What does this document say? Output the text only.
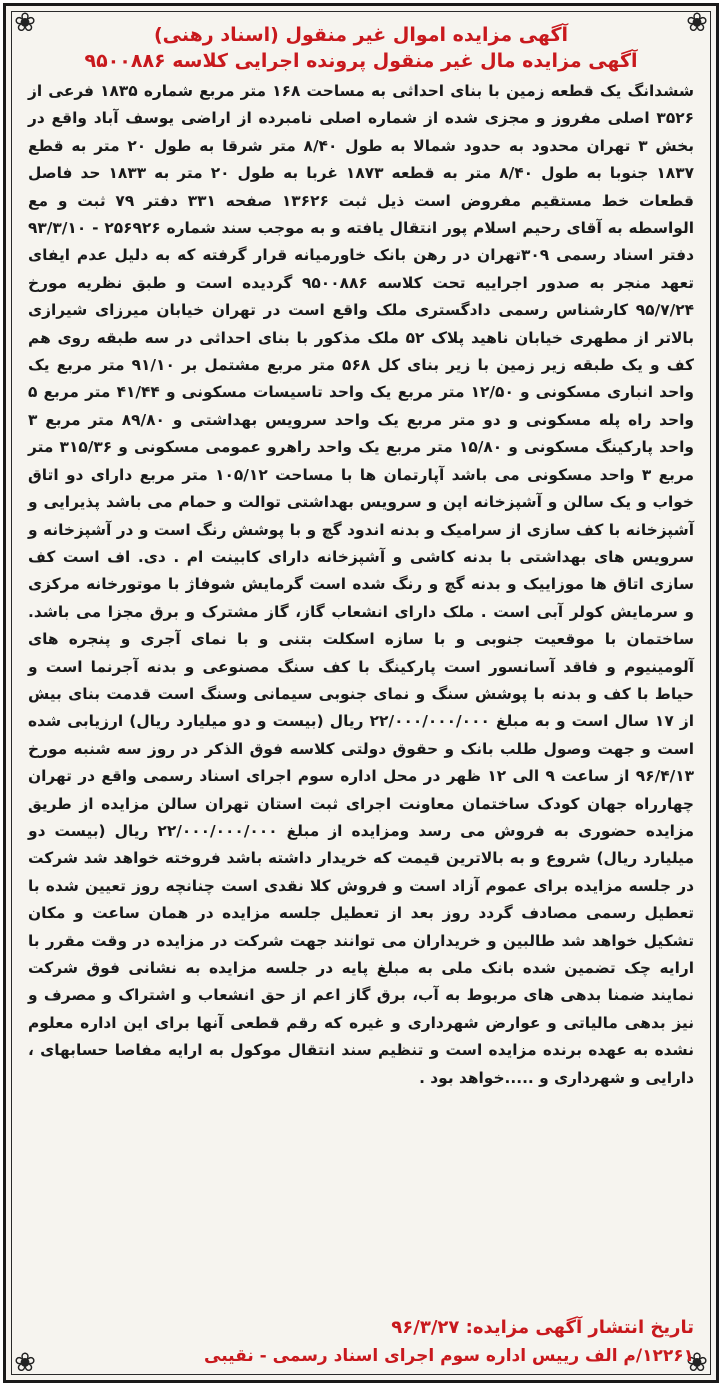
❀	❀
❀	❀

آگهی مزایده اموال غیر منقول (اسناد رهنی)

آگهی مزایده مال غیر منقول پرونده اجرایی کلاسه ۹۵۰۰۸۸۶

ششدانگ یک قطعه زمین با بنای احداثی به مساحت ۱۶۸ متر مربع شماره ۱۸۳۵ فرعی از ۳۵۲۶ اصلی مفروز و مجزی شده از شماره اصلی نامبرده از اراضی یوسف آباد واقع در بخش ۳ تهران محدود به حدود شمالا به طول ۸/۴۰ متر شرقا به طول ۲۰ متر به قطع ۱۸۳۷ جنوبا به طول ۸/۴۰ متر به قطعه ۱۸۷۳ غربا به طول ۲۰ متر به ۱۸۳۳ حد فاصل قطعات خط مستقیم مفروض است ذیل ثبت ۱۳۶۲۶ صفحه ۳۳۱ دفتر ۷۹ ثبت و مع الواسطه به آقای رحیم اسلام پور انتقال یافته و به موجب سند شماره ۲۵۶۹۲۶ - ۹۳/۳/۱۰ دفتر اسناد رسمی ۳۰۹تهران در رهن بانک خاورمیانه قرار گرفته که به دلیل عدم ایفای تعهد منجر به صدور اجراییه تحت کلاسه ۹۵۰۰۸۸۶ گردیده است و طبق نظریه مورخ ۹۵/۷/۲۴ کارشناس رسمی دادگستری ملک واقع است در تهران خیابان میرزای شیرازی بالاتر از مطهری خیابان ناهید پلاک ۵۲ ملک مذکور با بنای احداثی در سه طبقه روی هم کف و یک طبقه زیر زمین با زیر بنای کل ۵۶۸ متر مربع مشتمل بر ۹۱/۱۰ متر مربع یک واحد انباری مسکونی و ۱۲/۵۰ متر مربع یک واحد تاسیسات مسکونی و ۴۱/۴۴ متر مربع ۵ واحد راه پله مسکونی و دو متر مربع یک واحد سرویس بهداشتی و ۸۹/۸۰ متر مربع ۳ واحد پارکینگ مسکونی و ۱۵/۸۰ متر مربع یک واحد راهرو عمومی مسکونی و ۳۱۵/۳۶ متر مربع ۳ واحد مسکونی می باشد آپارتمان ها با مساحت ۱۰۵/۱۲ متر مربع دارای دو اتاق خواب و یک سالن و آشپزخانه اپن و سرویس بهداشتی توالت و حمام می باشد پذیرایی و آشپزخانه با کف سازی از سرامیک و بدنه اندود گچ و با پوشش رنگ است و در آشپزخانه و سرویس های بهداشتی با بدنه کاشی و آشپزخانه دارای کابینت ام . دی. اف است کف سازی اتاق ها موزاییک و بدنه گچ و رنگ شده است گرمایش شوفاژ با موتورخانه مرکزی و سرمایش کولر آبی است . ملک دارای انشعاب گاز، گاز مشترک و برق مجزا می باشد. ساختمان با موقعیت جنوبی و با سازه اسکلت بتنی و با نمای آجری و پنجره های آلومینیوم و فاقد آسانسور است پارکینگ با کف سنگ مصنوعی و بدنه آجرنما است و حیاط با کف و بدنه با پوشش سنگ و نمای جنوبی سیمانی وسنگ است قدمت بنای بیش از ۱۷ سال است و به مبلغ ۲۲/۰۰۰/۰۰۰/۰۰۰ ریال (بیست و دو میلیارد ریال) ارزیابی شده است و جهت وصول طلب بانک و حقوق دولتی کلاسه فوق الذکر در روز سه شنبه مورخ ۹۶/۴/۱۳ از ساعت ۹ الی ۱۲ ظهر در محل اداره سوم اجرای اسناد رسمی واقع در تهران چهارراه جهان کودک ساختمان معاونت اجرای ثبت استان تهران سالن مزایده از طریق مزایده حضوری به فروش می رسد ومزایده از مبلغ ۲۲/۰۰۰/۰۰۰/۰۰۰ ریال (بیست دو میلیارد ریال) شروع و به بالاترین قیمت که خریدار داشته باشد فروخته خواهد شد شرکت در جلسه مزایده برای عموم آزاد است و فروش کلا نقدی است چنانچه روز تعیین شده با تعطیل رسمی مصادف گردد روز بعد از تعطیل جلسه مزایده در همان ساعت و مکان تشکیل خواهد شد طالبین و خریداران می توانند جهت شرکت در مزایده در وقت مقرر با ارایه چک تضمین شده بانک ملی به مبلغ پایه در جلسه مزایده به نشانی فوق شرکت نمایند ضمنا بدهی های مربوط به آب، برق گاز اعم از حق انشعاب و اشتراک و مصرف و نیز بدهی مالیاتی و عوارض شهرداری و غیره که رقم قطعی آنها برای این اداره معلوم نشده به عهده برنده مزایده است و تنظیم سند انتقال موکول به ارایه مفاصا حسابهای ، دارایی و شهرداری و .....خواهد بود .

تاریخ انتشار آگهی مزایده: ۹۶/۳/۲۷
۱۲۲۶۱/م الف رییس اداره سوم اجرای اسناد رسمی - نقیبی
